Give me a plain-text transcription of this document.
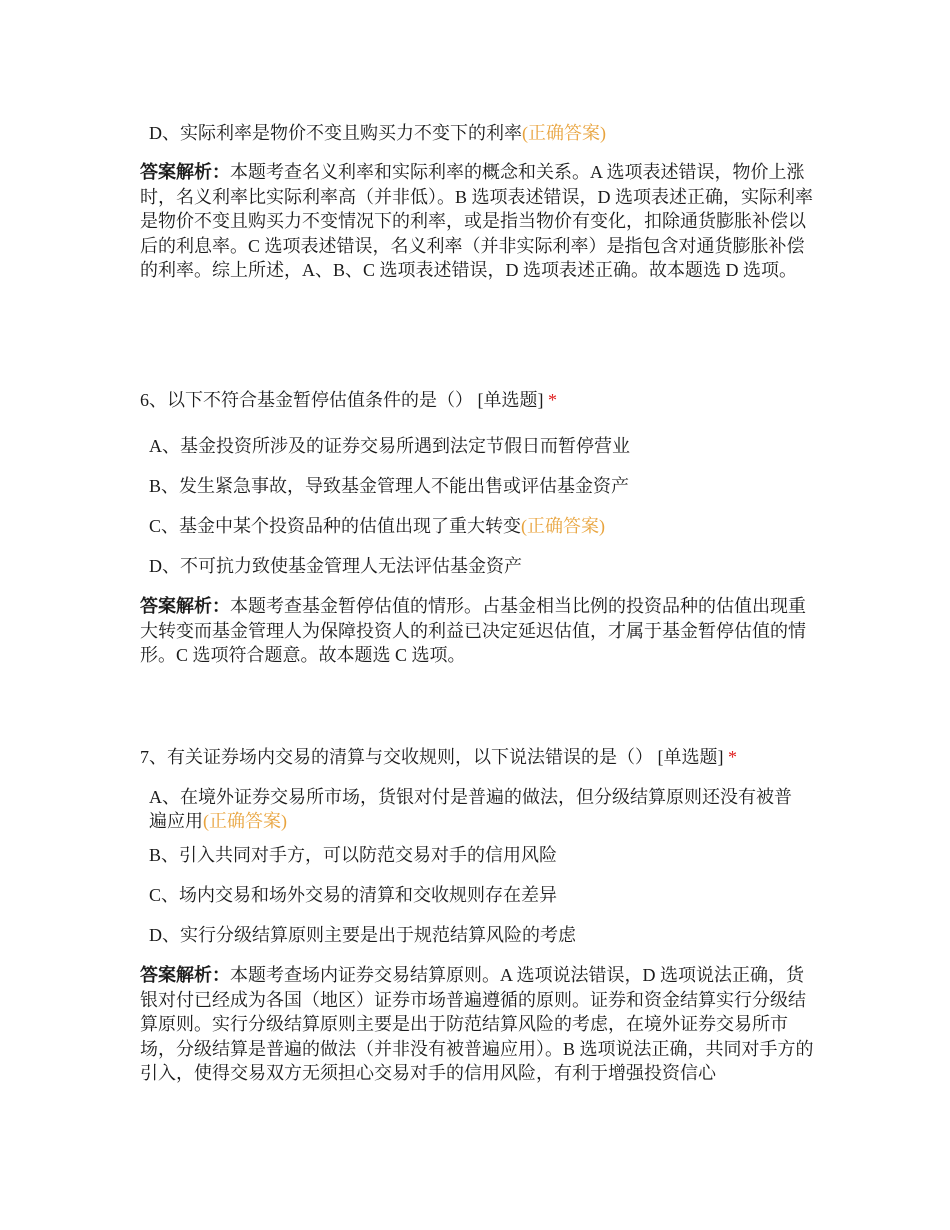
D、实际利率是物价不变且购买力不变下的利率(正确答案)

答案解析：本题考查名义利率和实际利率的概念和关系。A 选项表述错误，物价上涨时，名义利率比实际利率高（并非低）。B 选项表述错误，D 选项表述正确，实际利率是物价不变且购买力不变情况下的利率，或是指当物价有变化，扣除通货膨胀补偿以后的利息率。C 选项表述错误，名义利率（并非实际利率）是指包含对通货膨胀补偿的利率。综上所述，A、B、C 选项表述错误，D 选项表述正确。故本题选 D 选项。

6、以下不符合基金暂停估值条件的是（） [单选题] *

A、基金投资所涉及的证券交易所遇到法定节假日而暂停营业

B、发生紧急事故，导致基金管理人不能出售或评估基金资产

C、基金中某个投资品种的估值出现了重大转变(正确答案)

D、不可抗力致使基金管理人无法评估基金资产

答案解析：本题考查基金暂停估值的情形。占基金相当比例的投资品种的估值出现重大转变而基金管理人为保障投资人的利益已决定延迟估值，才属于基金暂停估值的情形。C 选项符合题意。故本题选 C 选项。

7、有关证券场内交易的清算与交收规则，以下说法错误的是（） [单选题] *

A、在境外证券交易所市场，货银对付是普遍的做法，但分级结算原则还没有被普遍应用(正确答案)

B、引入共同对手方，可以防范交易对手的信用风险

C、场内交易和场外交易的清算和交收规则存在差异

D、实行分级结算原则主要是出于规范结算风险的考虑

答案解析：本题考查场内证券交易结算原则。A 选项说法错误，D 选项说法正确，货银对付已经成为各国（地区）证券市场普遍遵循的原则。证券和资金结算实行分级结算原则。实行分级结算原则主要是出于防范结算风险的考虑，在境外证券交易所市场，分级结算是普遍的做法（并非没有被普遍应用）。B 选项说法正确，共同对手方的引入，使得交易双方无须担心交易对手的信用风险，有利于增强投资信心
